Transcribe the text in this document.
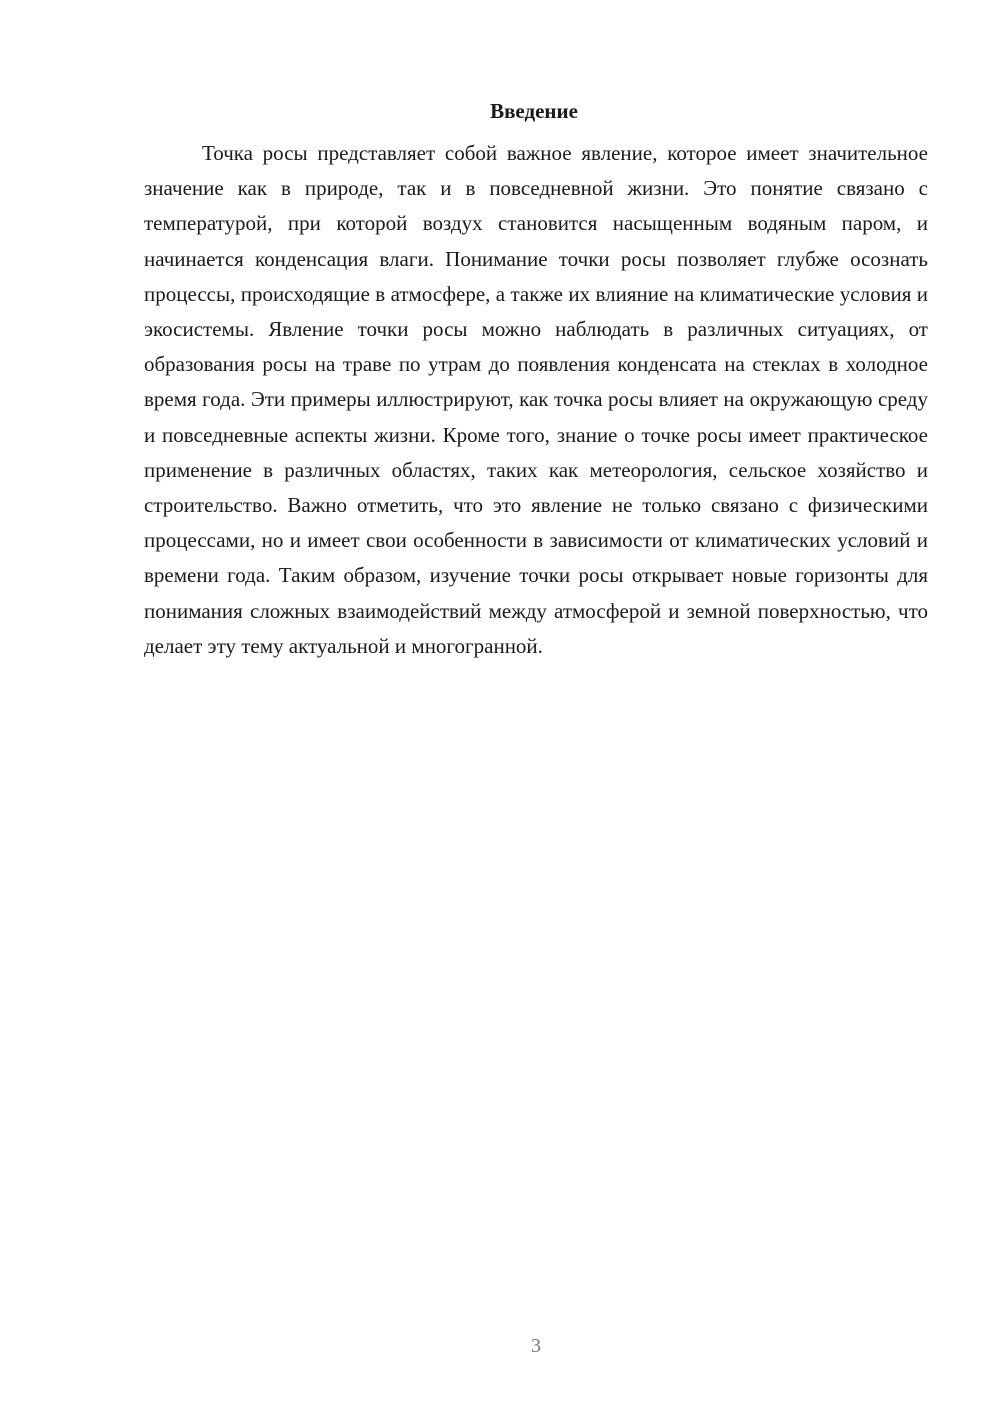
Введение

Точка росы представляет собой важное явление, которое имеет значительное значение как в природе, так и в повседневной жизни. Это понятие связано с температурой, при которой воздух становится насыщенным водяным паром, и начинается конденсация влаги. Понимание точки росы позволяет глубже осознать процессы, происходящие в атмосфере, а также их влияние на климатические условия и экосистемы. Явление точки росы можно наблюдать в различных ситуациях, от образования росы на траве по утрам до появления конденсата на стеклах в холодное время года. Эти примеры иллюстрируют, как точка росы влияет на окружающую среду и повседневные аспекты жизни. Кроме того, знание о точке росы имеет практическое применение в различных областях, таких как метеорология, сельское хозяйство и строительство. Важно отметить, что это явление не только связано с физическими процессами, но и имеет свои особенности в зависимости от климатических условий и времени года. Таким образом, изучение точки росы открывает новые горизонты для понимания сложных взаимодействий между атмосферой и земной поверхностью, что делает эту тему актуальной и многогранной.

3
